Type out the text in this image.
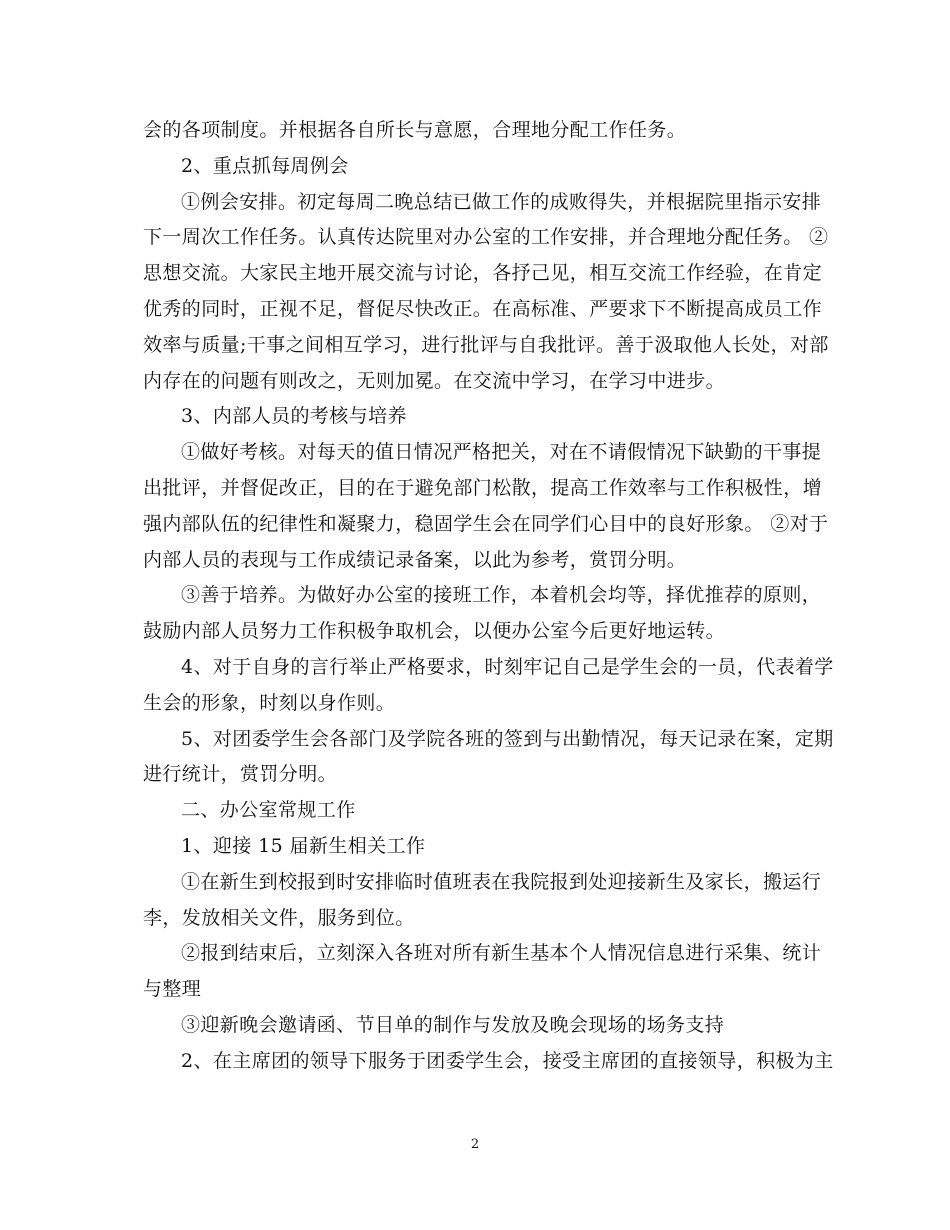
会的各项制度。并根据各自所长与意愿，合理地分配工作任务。
2、重点抓每周例会
①例会安排。初定每周二晚总结已做工作的成败得失，并根据院里指示安排
下一周次工作任务。认真传达院里对办公室的工作安排，并合理地分配任务。 ②
思想交流。大家民主地开展交流与讨论，各抒己见，相互交流工作经验，在肯定
优秀的同时，正视不足，督促尽快改正。在高标准、严要求下不断提高成员工作
效率与质量;干事之间相互学习，进行批评与自我批评。善于汲取他人长处，对部
内存在的问题有则改之，无则加冕。在交流中学习，在学习中进步。
3、内部人员的考核与培养
①做好考核。对每天的值日情况严格把关，对在不请假情况下缺勤的干事提
出批评，并督促改正，目的在于避免部门松散，提高工作效率与工作积极性，增
强内部队伍的纪律性和凝聚力，稳固学生会在同学们心目中的良好形象。 ②对于
内部人员的表现与工作成绩记录备案，以此为参考，赏罚分明。
③善于培养。为做好办公室的接班工作，本着机会均等，择优推荐的原则，
鼓励内部人员努力工作积极争取机会，以便办公室今后更好地运转。
4、对于自身的言行举止严格要求，时刻牢记自己是学生会的一员，代表着学
生会的形象，时刻以身作则。
5、对团委学生会各部门及学院各班的签到与出勤情况，每天记录在案，定期
进行统计，赏罚分明。
二、办公室常规工作
1、迎接 15 届新生相关工作
①在新生到校报到时安排临时值班表在我院报到处迎接新生及家长，搬运行
李，发放相关文件，服务到位。
②报到结束后，立刻深入各班对所有新生基本个人情况信息进行采集、统计
与整理
③迎新晚会邀请函、节目单的制作与发放及晚会现场的场务支持
2、在主席团的领导下服务于团委学生会，接受主席团的直接领导，积极为主
2
